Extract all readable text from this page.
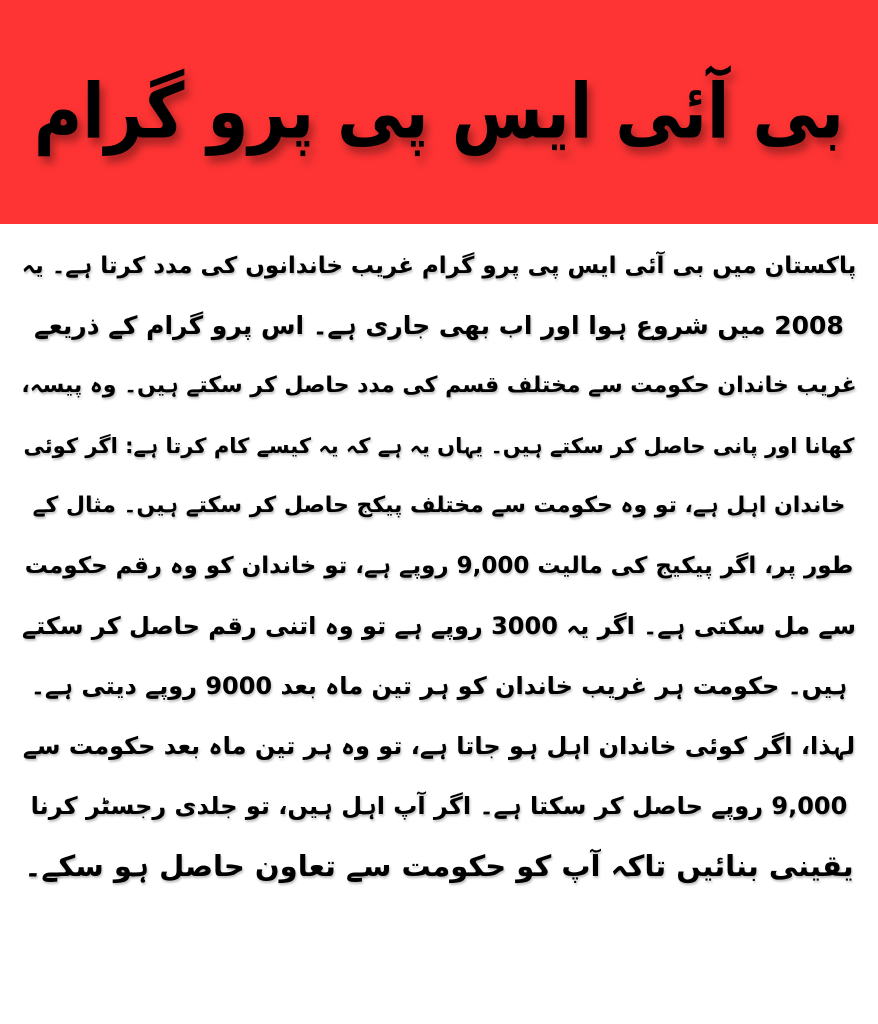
بی آئی ایس پی پرو گرام
پاکستان میں بی آئی ایس پی پرو گرام غریب خاندانوں کی مدد کرتا ہے۔ یہ
2008 میں شروع ہوا اور اب بھی جاری ہے۔ اس پرو گرام کے ذریعے
غریب خاندان حکومت سے مختلف قسم کی مدد حاصل کر سکتے ہیں۔ وہ پیسہ،
کھانا اور پانی حاصل کر سکتے ہیں۔ یہاں یہ ہے کہ یہ کیسے کام کرتا ہے: اگر کوئی
خاندان اہل ہے، تو وہ حکومت سے مختلف پیکج حاصل کر سکتے ہیں۔ مثال کے
طور پر، اگر پیکیج کی مالیت 9,000 روپے ہے، تو خاندان کو وہ رقم حکومت
سے مل سکتی ہے۔ اگر یہ 3000 روپے ہے تو وہ اتنی رقم حاصل کر سکتے
ہیں۔ حکومت ہر غریب خاندان کو ہر تین ماہ بعد 9000 روپے دیتی ہے۔
لہذا، اگر کوئی خاندان اہل ہو جاتا ہے، تو وہ ہر تین ماہ بعد حکومت سے
9,000 روپے حاصل کر سکتا ہے۔ اگر آپ اہل ہیں، تو جلدی رجسٹر کرنا
یقینی بنائیں تاکہ آپ کو حکومت سے تعاون حاصل ہو سکے۔
